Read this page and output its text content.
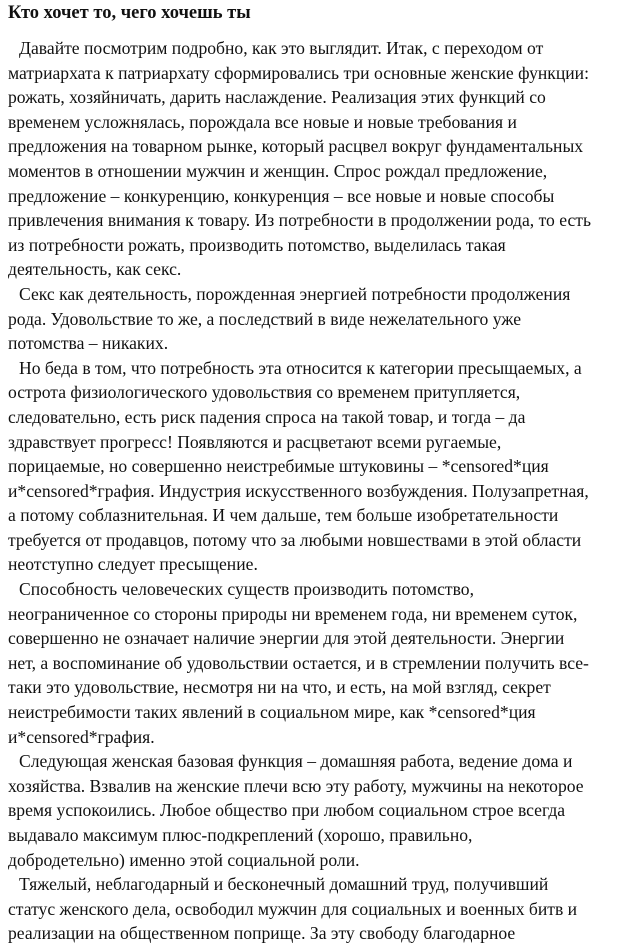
Кто хочет то, чего хочешь ты

Давайте посмотрим подробно, как это выглядит. Итак, с переходом от
матриархата к патриархату сформировались три основные женские функции:
рожать, хозяйничать, дарить наслаждение. Реализация этих функций со
временем усложнялась, порождала все новые и новые требования и
предложения на товарном рынке, который расцвел вокруг фундаментальных
моментов в отношении мужчин и женщин. Спрос рождал предложение,
предложение – конкуренцию, конкуренция – все новые и новые способы
привлечения внимания к товару. Из потребности в продолжении рода, то есть
из потребности рожать, производить потомство, выделилась такая
деятельность, как секс.

Секс как деятельность, порожденная энергией потребности продолжения
рода. Удовольствие то же, а последствий в виде нежелательного уже
потомства – никаких.

Но беда в том, что потребность эта относится к категории пресыщаемых, а
острота физиологического удовольствия со временем притупляется,
следовательно, есть риск падения спроса на такой товар, и тогда – да
здравствует прогресс! Появляются и расцветают всеми ругаемые,
порицаемые, но совершенно неистребимые штуковины – *censored*ция
и*censored*графия. Индустрия искусственного возбуждения. Полузапретная,
а потому соблазнительная. И чем дальше, тем больше изобретательности
требуется от продавцов, потому что за любыми новшествами в этой области
неотступно следует пресыщение.

Способность человеческих существ производить потомство,
неограниченное со стороны природы ни временем года, ни временем суток,
совершенно не означает наличие энергии для этой деятельности. Энергии
нет, а воспоминание об удовольствии остается, и в стремлении получить все-
таки это удовольствие, несмотря ни на что, и есть, на мой взгляд, секрет
неистребимости таких явлений в социальном мире, как *censored*ция
и*censored*графия.

Следующая женская базовая функция – домашняя работа, ведение дома и
хозяйства. Взвалив на женские плечи всю эту работу, мужчины на некоторое
время успокоились. Любое общество при любом социальном строе всегда
выдавало максимум плюс-подкреплений (хорошо, правильно,
добродетельно) именно этой социальной роли.

Тяжелый, неблагодарный и бесконечный домашний труд, получивший
статус женского дела, освободил мужчин для социальных и военных битв и
реализации на общественном поприще. За эту свободу благодарное
